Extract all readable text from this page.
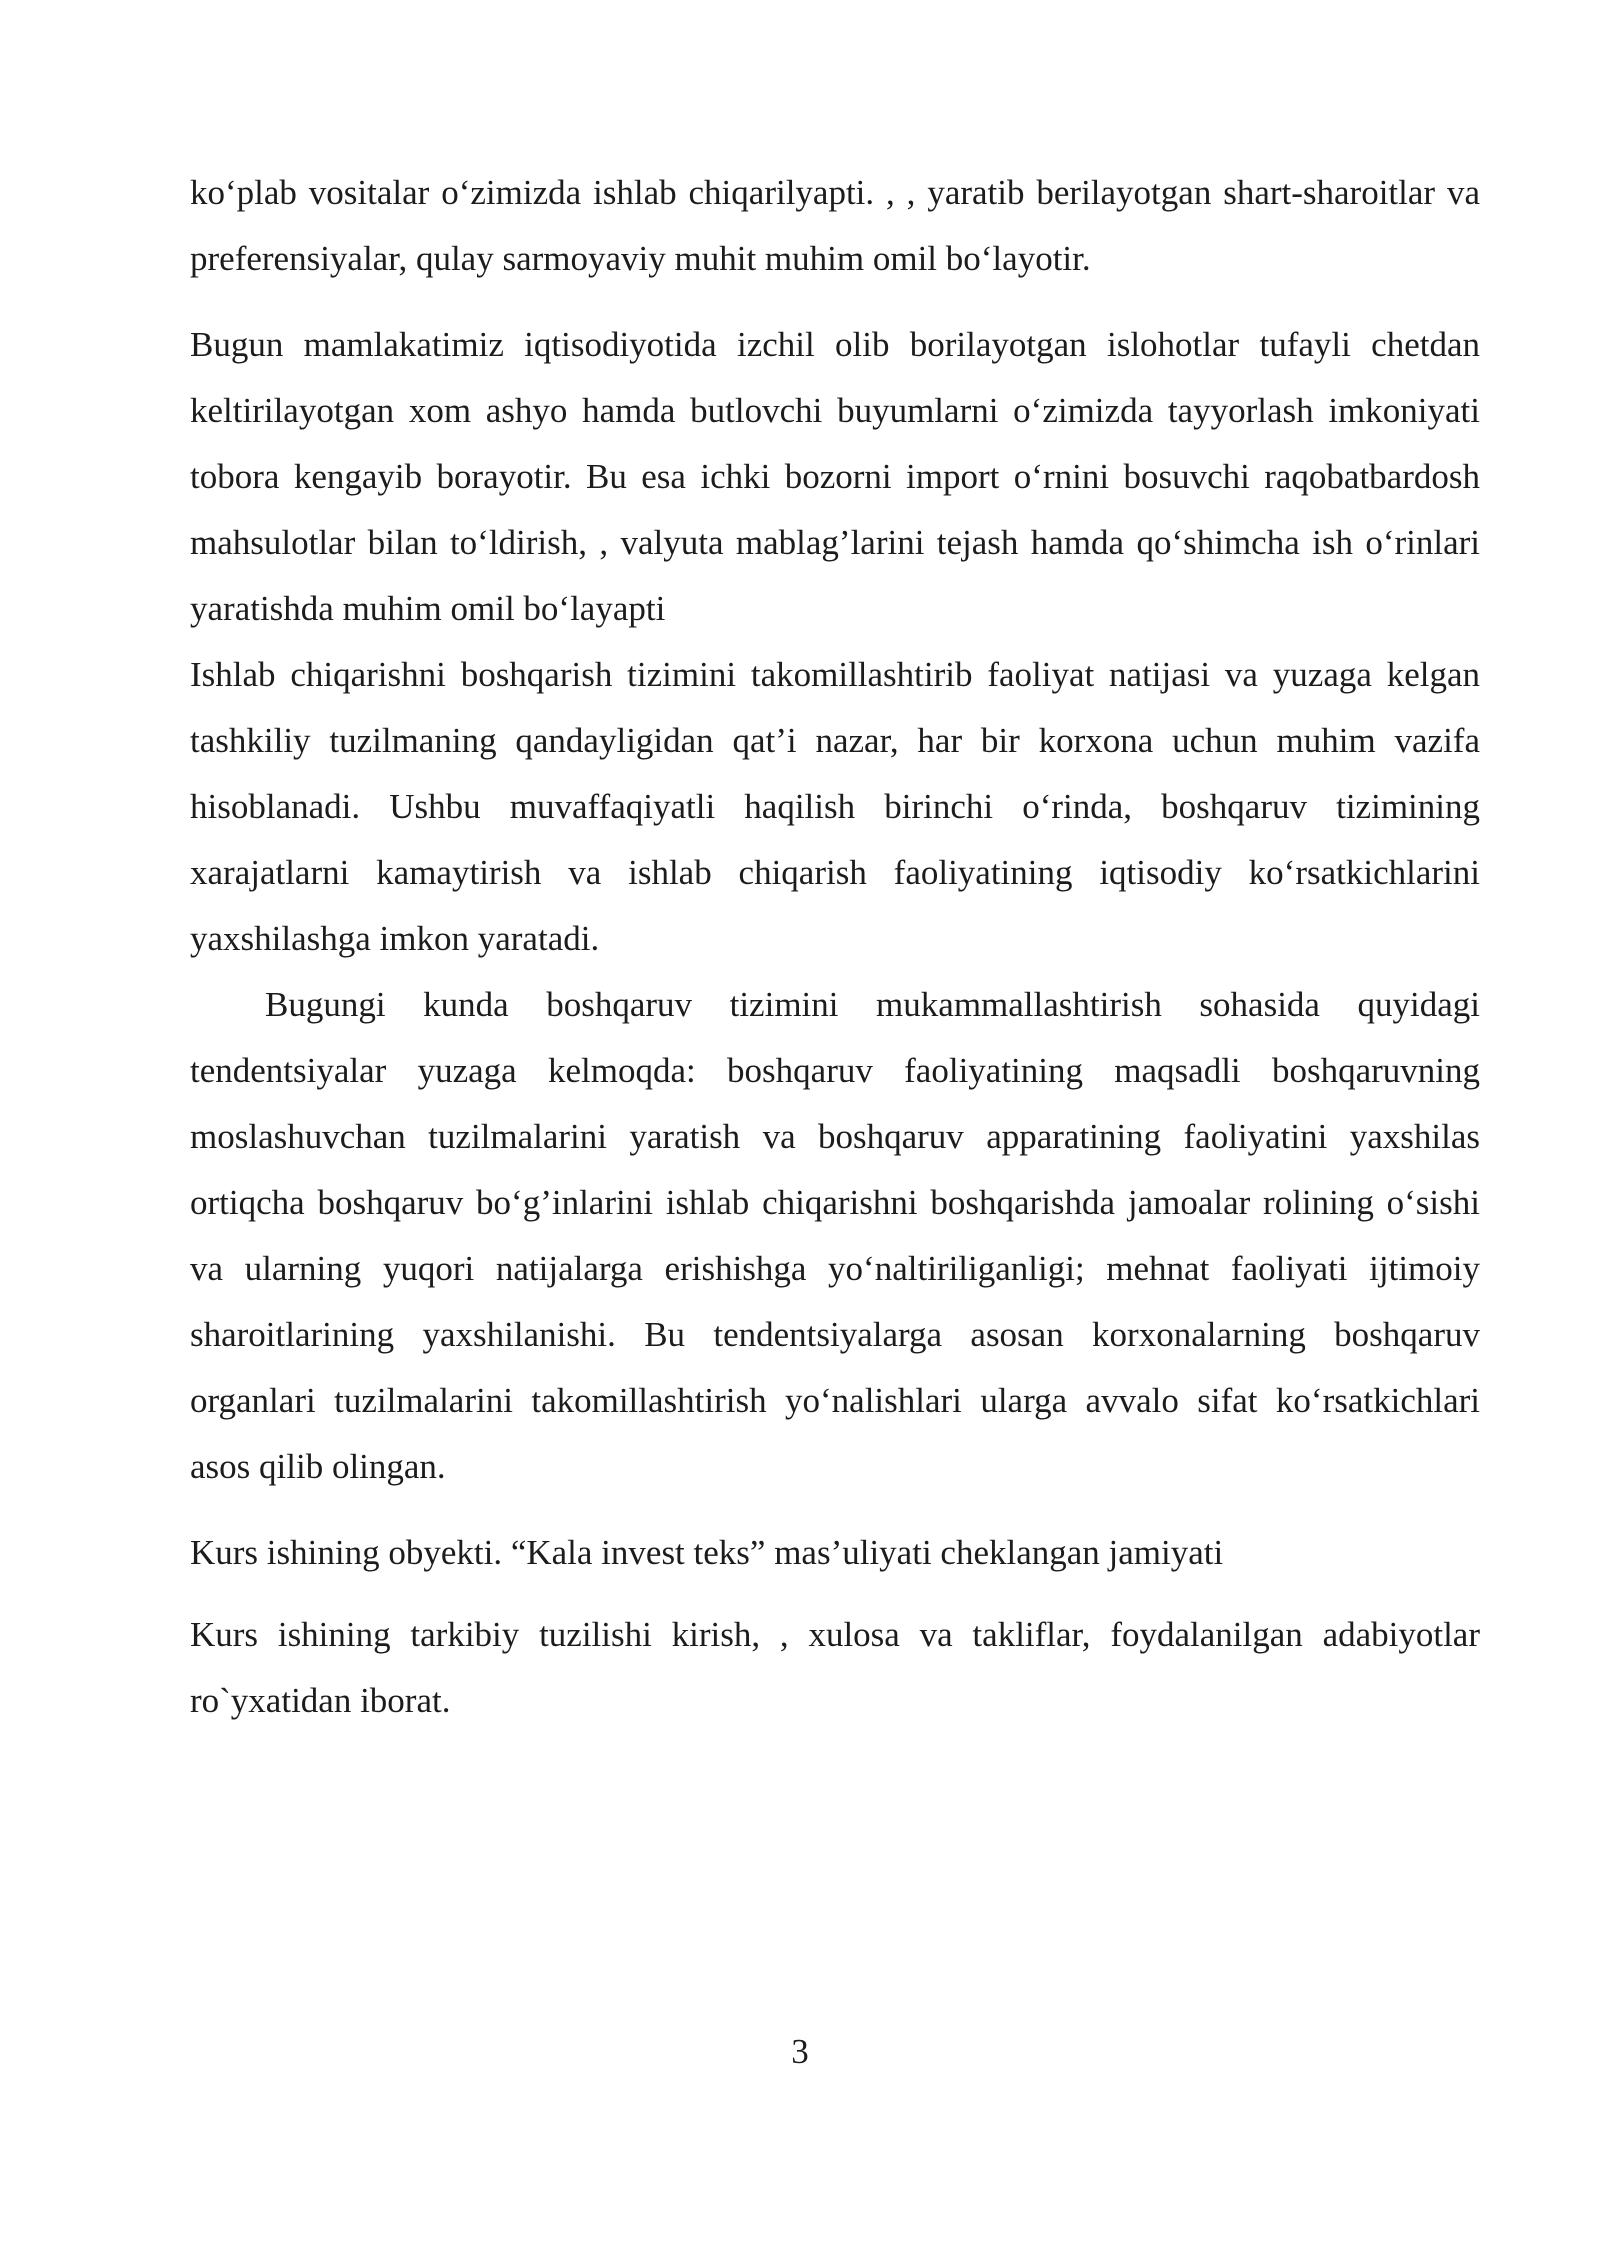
ko‘plab vositalar o‘zimizda ishlab chiqarilyapti. , , yaratib berilayotgan shart-sharoitlar va preferensiyalar, qulay sarmoyaviy muhit muhim omil bo‘layotir.

Bugun mamlakatimiz iqtisodiyotida izchil olib borilayotgan islohotlar tufayli chetdan keltirilayotgan xom ashyo hamda butlovchi buyumlarni o‘zimizda tayyorlash imkoniyati tobora kengayib borayotir. Bu esa ichki bozorni import o‘rnini bosuvchi raqobatbardosh mahsulotlar bilan to‘ldirish, , valyuta mablag’larini tejash hamda qo‘shimcha ish o‘rinlari yaratishda muhim omil bo‘layapti

Ishlab chiqarishni boshqarish tizimini takomillashtirib faoliyat natijasi va yuzaga kelgan tashkiliy tuzilmaning qandayligidan qat’i nazar, har bir korxona uchun muhim vazifa hisoblanadi. Ushbu muvaffaqiyatli haqilish birinchi o‘rinda, boshqaruv tizimining xarajatlarni kamaytirish va ishlab chiqarish faoliyatining iqtisodiy ko‘rsatkichlarini yaxshilashga imkon yaratadi.

Bugungi kunda boshqaruv tizimini mukammallashtirish sohasida quyidagi tendentsiyalar yuzaga kelmoqda: boshqaruv faoliyatining maqsadli boshqaruvning moslashuvchan tuzilmalarini yaratish va boshqaruv apparatining faoliyatini yaxshilas ortiqcha boshqaruv bo‘g’inlarini ishlab chiqarishni boshqarishda jamoalar rolining o‘sishi va ularning yuqori natijalarga erishishga yo‘naltiriliganligi; mehnat faoliyati ijtimoiy sharoitlarining yaxshilanishi. Bu tendentsiyalarga asosan korxonalarning boshqaruv organlari tuzilmalarini takomillashtirish yo‘nalishlari ularga avvalo sifat ko‘rsatkichlari asos qilib olingan.

Kurs ishining obyekti. “Kala invest teks” mas’uliyati cheklangan jamiyati

Kurs ishining tarkibiy tuzilishi kirish, , xulosa va takliflar, foydalanilgan adabiyotlar ro`yxatidan iborat.

3
